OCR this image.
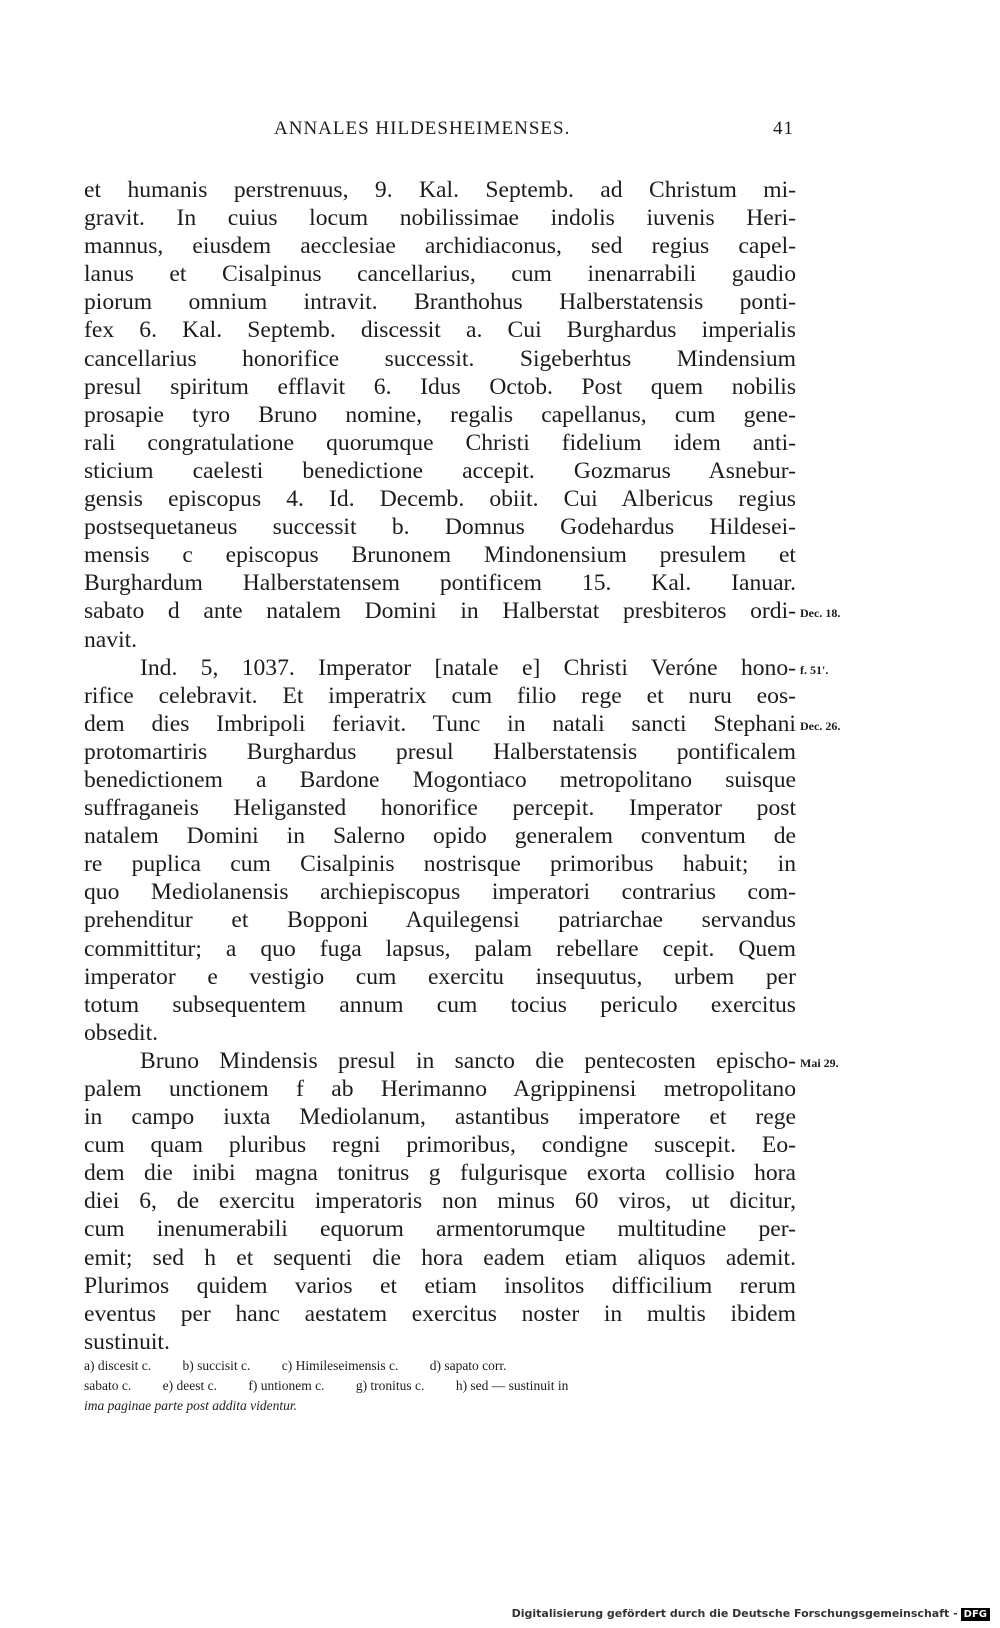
ANNALES HILDESHEIMENSES.	41
et humanis perstrenuus, 9. Kal. Septemb. ad Christum mi-
gravit. In cuius locum nobilissimae indolis iuvenis Heri-
mannus, eiusdem aecclesiae archidiaconus, sed regius capel-
lanus et Cisalpinus cancellarius, cum inenarrabili gaudio
piorum omnium intravit. Branthohus Halberstatensis ponti-
fex 6. Kal. Septemb. discessit a. Cui Burghardus imperialis
cancellarius honorifice successit. Sigeberhtus Mindensium
presul spiritum efflavit 6. Idus Octob. Post quem nobilis
prosapie tyro Bruno nomine, regalis capellanus, cum gene-
rali congratulatione quorumque Christi fidelium idem anti-
sticium caelesti benedictione accepit. Gozmarus Asnebur-
gensis episcopus 4. Id. Decemb. obiit. Cui Albericus regius
postsequetaneus successit b. Domnus Godehardus Hildesei-
mensis c episcopus Brunonem Mindonensium presulem et
Burghardum Halberstatensem pontificem 15. Kal. Ianuar.
sabato d ante natalem Domini in Halberstat presbiteros ordi- Dec. 18.
navit.
Ind. 5, 1037. Imperator [natale e] Christi Veróne hono- f. 51'.
rifice celebravit. Et imperatrix cum filio rege et nuru eos-
dem dies Imbripoli feriavit. Tunc in natali sancti Stephani Dec. 26.
protomartiris Burghardus presul Halberstatensis pontificalem
benedictionem a Bardone Mogontiaco metropolitano suisque
suffraganeis Heligansted honorifice percepit. Imperator post
natalem Domini in Salerno opido generalem conventum de
re puplica cum Cisalpinis nostrisque primoribus habuit; in
quo Mediolanensis archiepiscopus imperatori contrarius com-
prehenditur et Bopponi Aquilegensi patriarchae servandus
committitur; a quo fuga lapsus, palam rebellare cepit. Quem
imperator e vestigio cum exercitu insequutus, urbem per
totum subsequentem annum cum tocius periculo exercitus
obsedit.
Bruno Mindensis presul in sancto die pentecosten epischo- Mai 29.
palem unctionem f ab Herimanno Agrippinensi metropolitano
in campo iuxta Mediolanum, astantibus imperatore et rege
cum quam pluribus regni primoribus, condigne suscepit. Eo-
dem die inibi magna tonitrus g fulgurisque exorta collisio hora
diei 6, de exercitu imperatoris non minus 60 viros, ut dicitur,
cum inenumerabili equorum armentorumque multitudine per-
emit; sed h et sequenti die hora eadem etiam aliquos ademit.
Plurimos quidem varios et etiam insolitos difficilium rerum
eventus per hanc aestatem exercitus noster in multis ibidem
sustinuit.
a) discesit c. b) succisit c. c) Himileseimensis c. d) sapato corr.
sabato c. e) deest c. f) untionem c. g) tronitus c. h) sed — sustinuit in
ima paginae parte post addita videntur.
Digitalisierung gefördert durch die Deutsche Forschungsgemeinschaft - DFG
